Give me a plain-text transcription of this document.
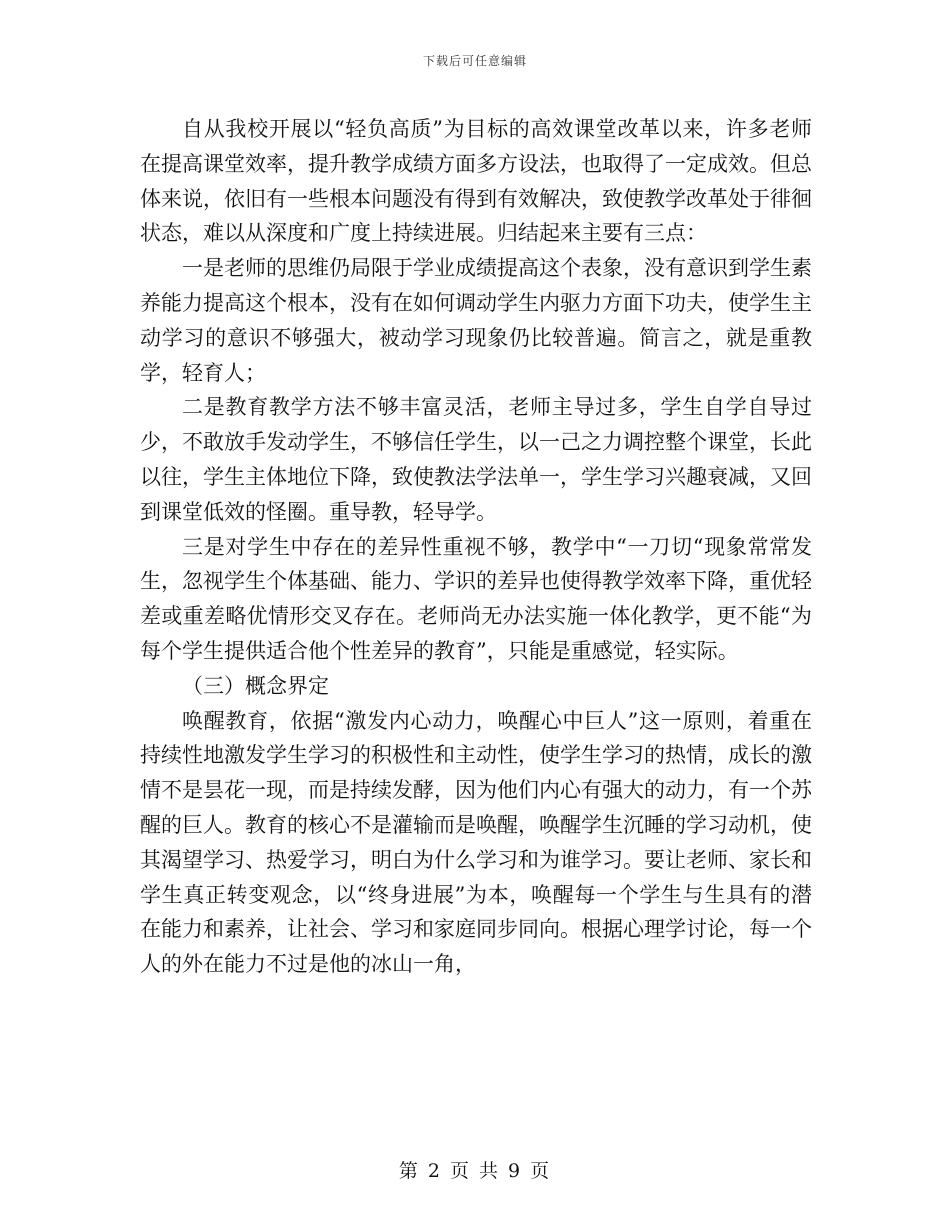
下载后可任意编辑

自从我校开展以“轻负高质”为目标的高效课堂改革以来，许多老师在提高课堂效率，提升教学成绩方面多方设法，也取得了一定成效。但总体来说，依旧有一些根本问题没有得到有效解决，致使教学改革处于徘徊状态，难以从深度和广度上持续进展。归结起来主要有三点：

一是老师的思维仍局限于学业成绩提高这个表象，没有意识到学生素养能力提高这个根本，没有在如何调动学生内驱力方面下功夫，使学生主动学习的意识不够强大，被动学习现象仍比较普遍。简言之，就是重教学，轻育人；

二是教育教学方法不够丰富灵活，老师主导过多，学生自学自导过少，不敢放手发动学生，不够信任学生，以一己之力调控整个课堂，长此以往，学生主体地位下降，致使教法学法单一，学生学习兴趣衰减，又回到课堂低效的怪圈。重导教，轻导学。

三是对学生中存在的差异性重视不够，教学中“一刀切“现象常常发生，忽视学生个体基础、能力、学识的差异也使得教学效率下降，重优轻差或重差略优情形交叉存在。老师尚无办法实施一体化教学，更不能“为每个学生提供适合他个性差异的教育”，只能是重感觉，轻实际。

（三）概念界定

唤醒教育，依据“激发内心动力，唤醒心中巨人”这一原则，着重在持续性地激发学生学习的积极性和主动性，使学生学习的热情，成长的激情不是昙花一现，而是持续发酵，因为他们内心有强大的动力，有一个苏醒的巨人。教育的核心不是灌输而是唤醒，唤醒学生沉睡的学习动机，使其渴望学习、热爱学习，明白为什么学习和为谁学习。要让老师、家长和学生真正转变观念，以“终身进展”为本，唤醒每一个学生与生具有的潜在能力和素养，让社会、学习和家庭同步同向。根据心理学讨论，每一个人的外在能力不过是他的冰山一角，

第 2 页 共 9 页
